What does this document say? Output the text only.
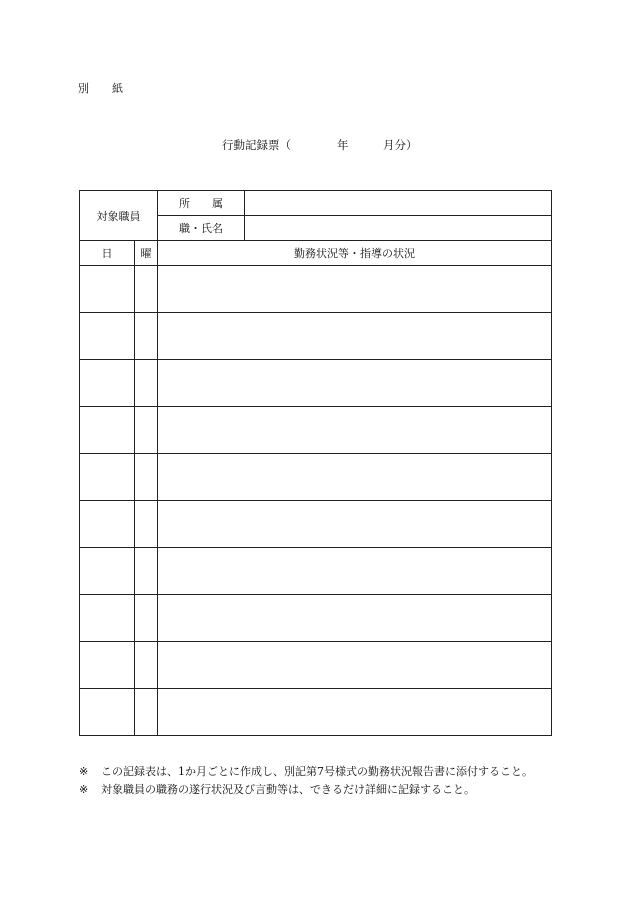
別　紙
行動記録票（　　　　年　　　月分）
対象職員		所　　属	
		職・氏名	
日	曜	勤務状況等・指導の状況	

※ この記録表は、1か月ごとに作成し、別記第7号様式の勤務状況報告書に添付すること。
※ 対象職員の職務の遂行状況及び言動等は、できるだけ詳細に記録すること。
